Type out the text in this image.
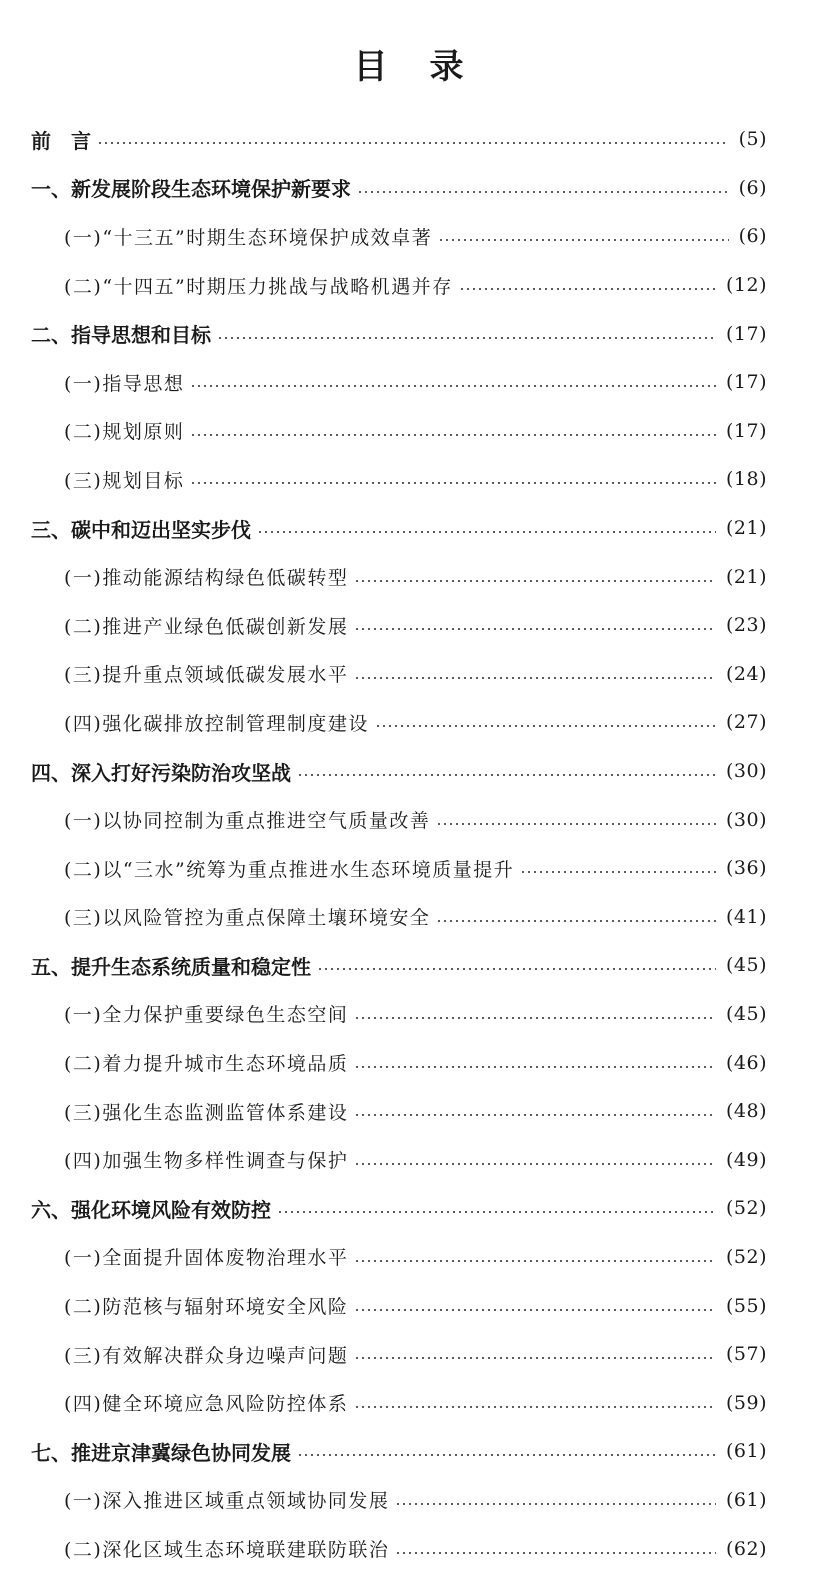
目　录
前　言	(5)
一、新发展阶段生态环境保护新要求	(6)
(一)“十三五”时期生态环境保护成效卓著	(6)
(二)“十四五”时期压力挑战与战略机遇并存	(12)
二、指导思想和目标	(17)
(一)指导思想	(17)
(二)规划原则	(17)
(三)规划目标	(18)
三、碳中和迈出坚实步伐	(21)
(一)推动能源结构绿色低碳转型	(21)
(二)推进产业绿色低碳创新发展	(23)
(三)提升重点领域低碳发展水平	(24)
(四)强化碳排放控制管理制度建设	(27)
四、深入打好污染防治攻坚战	(30)
(一)以协同控制为重点推进空气质量改善	(30)
(二)以“三水”统筹为重点推进水生态环境质量提升	(36)
(三)以风险管控为重点保障土壤环境安全	(41)
五、提升生态系统质量和稳定性	(45)
(一)全力保护重要绿色生态空间	(45)
(二)着力提升城市生态环境品质	(46)
(三)强化生态监测监管体系建设	(48)
(四)加强生物多样性调查与保护	(49)
六、强化环境风险有效防控	(52)
(一)全面提升固体废物治理水平	(52)
(二)防范核与辐射环境安全风险	(55)
(三)有效解决群众身边噪声问题	(57)
(四)健全环境应急风险防控体系	(59)
七、推进京津冀绿色协同发展	(61)
(一)深入推进区域重点领域协同发展	(61)
(二)深化区域生态环境联建联防联治	(62)
